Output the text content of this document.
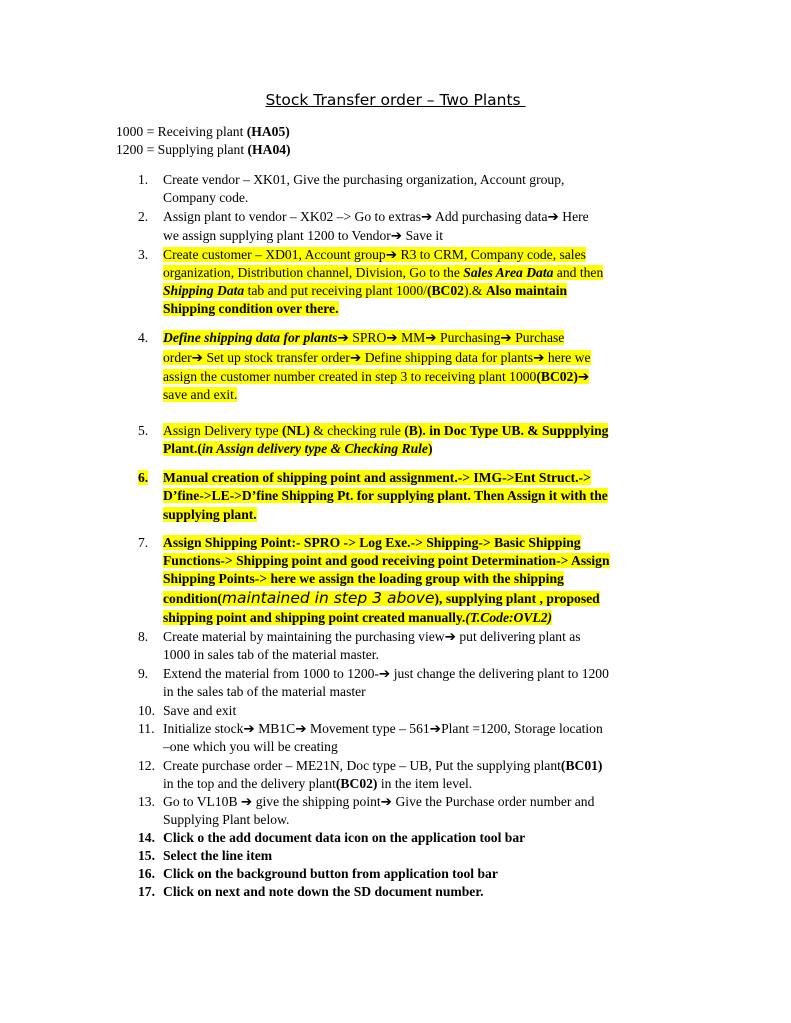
Stock Transfer order – Two Plants
1000 = Receiving plant (HA05)
1200 = Supplying plant (HA04)
1. Create vendor – XK01, Give the purchasing organization, Account group,
Company code.
2. Assign plant to vendor – XK02 –> Go to extras➔ Add purchasing data➔ Here
we assign supplying plant 1200 to Vendor➔ Save it
3. Create customer – XD01, Account group➔ R3 to CRM, Company code, sales
organization, Distribution channel, Division, Go to the Sales Area Data and then
Shipping Data tab and put receiving plant 1000/(BC02).& Also maintain
Shipping condition over there.
4. Define shipping data for plants➔ SPRO➔ MM➔ Purchasing➔ Purchase
order➔ Set up stock transfer order➔ Define shipping data for plants➔ here we
assign the customer number created in step 3 to receiving plant 1000(BC02)➔
save and exit.
5. Assign Delivery type (NL) & checking rule (B). in Doc Type UB. & Suppplying
Plant.(in Assign delivery type & Checking Rule)
6. Manual creation of shipping point and assignment.-> IMG->Ent Struct.->
D’fine->LE->D’fine Shipping Pt. for supplying plant. Then Assign it with the
supplying plant.
7. Assign Shipping Point:- SPRO -> Log Exe.-> Shipping-> Basic Shipping
Functions-> Shipping point and good receiving point Determination-> Assign
Shipping Points-> here we assign the loading group with the shipping
condition(maintained in step 3 above), supplying plant , proposed
shipping point and shipping point created manually.(T.Code:OVL2)
8. Create material by maintaining the purchasing view➔ put delivering plant as
1000 in sales tab of the material master.
9. Extend the material from 1000 to 1200-➔ just change the delivering plant to 1200
in the sales tab of the material master
10. Save and exit
11. Initialize stock➔ MB1C➔ Movement type – 561➔Plant =1200, Storage location
–one which you will be creating
12. Create purchase order – ME21N, Doc type – UB, Put the supplying plant(BC01)
in the top and the delivery plant(BC02) in the item level.
13. Go to VL10B ➔ give the shipping point➔ Give the Purchase order number and
Supplying Plant below.
14. Click o the add document data icon on the application tool bar
15. Select the line item
16. Click on the background button from application tool bar
17. Click on next and note down the SD document number.
